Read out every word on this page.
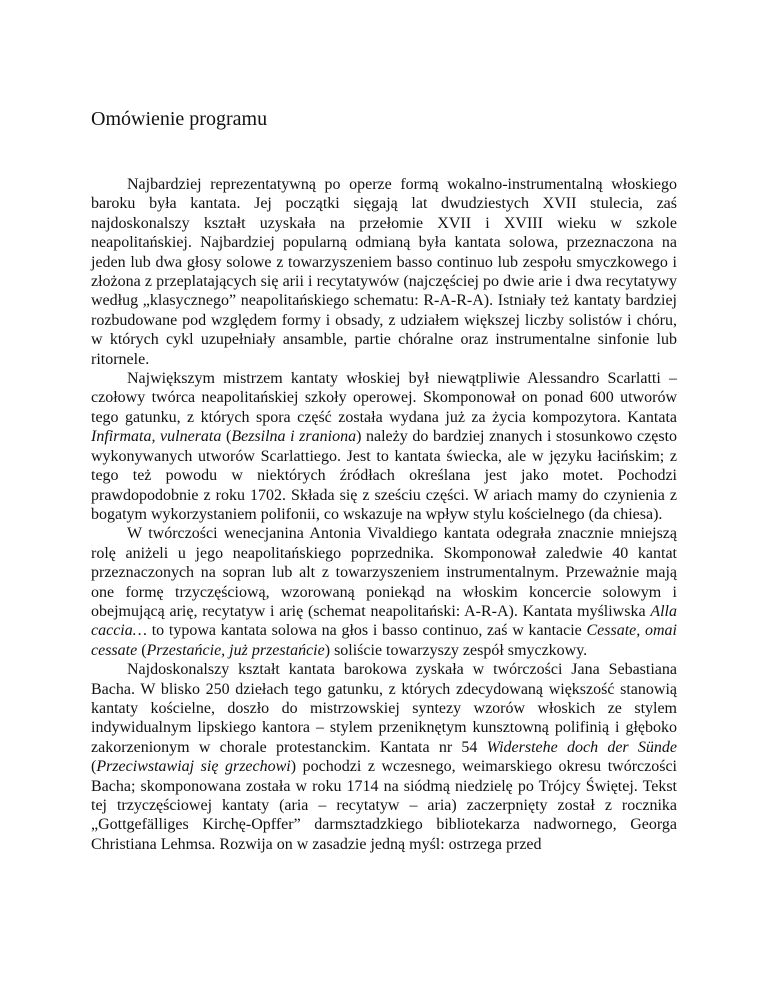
Omówienie programu

Najbardziej reprezentatywną po operze formą wokalno-instrumentalną włoskiego baroku była kantata. Jej początki sięgają lat dwudziestych XVII stulecia, zaś najdoskonalszy kształt uzyskała na przełomie XVII i XVIII wieku w szkole neapolitańskiej. Najbardziej popularną odmianą była kantata solowa, przeznaczona na jeden lub dwa głosy solowe z towarzyszeniem basso continuo lub zespołu smyczkowego i złożona z przeplatających się arii i recytatywów (najczęściej po dwie arie i dwa recytatywy według „klasycznego” neapolitańskiego schematu: R-A-R-A). Istniały też kantaty bardziej rozbudowane pod względem formy i obsady, z udziałem większej liczby solistów i chóru, w których cykl uzupełniały ansamble, partie chóralne oraz instrumentalne sinfonie lub ritornele.

Największym mistrzem kantaty włoskiej był niewątpliwie Alessandro Scarlatti – czołowy twórca neapolitańskiej szkoły operowej. Skomponował on ponad 600 utworów tego gatunku, z których spora część została wydana już za życia kompozytora. Kantata Infirmata, vulnerata (Bezsilna i zraniona) należy do bardziej znanych i stosunkowo często wykonywanych utworów Scarlattiego. Jest to kantata świecka, ale w języku łacińskim; z tego też powodu w niektórych źródłach określana jest jako motet. Pochodzi prawdopodobnie z roku 1702. Składa się z sześciu części. W ariach mamy do czynienia z bogatym wykorzystaniem polifonii, co wskazuje na wpływ stylu kościelnego (da chiesa).

W twórczości wenecjanina Antonia Vivaldiego kantata odegrała znacznie mniejszą rolę aniżeli u jego neapolitańskiego poprzednika. Skomponował zaledwie 40 kantat przeznaczonych na sopran lub alt z towarzyszeniem instrumentalnym. Przeważnie mają one formę trzyczęściową, wzorowaną poniekąd na włoskim koncercie solowym i obejmującą arię, recytatyw i arię (schemat neapolitański: A-R-A). Kantata myśliwska Alla caccia… to typowa kantata solowa na głos i basso continuo, zaś w kantacie Cessate, omai cessate (Przestańcie, już przestańcie) soliście towarzyszy zespół smyczkowy.

Najdoskonalszy kształt kantata barokowa zyskała w twórczości Jana Sebastiana Bacha. W blisko 250 dziełach tego gatunku, z których zdecydowaną większość stanowią kantaty kościelne, doszło do mistrzowskiej syntezy wzorów włoskich ze stylem indywidualnym lipskiego kantora – stylem przeniknętym kunsztowną polifinią i głęboko zakorzenionym w chorale protestanckim. Kantata nr 54 Widerstehe doch der Sünde (Przeciwstawiaj się grzechowi) pochodzi z wczesnego, weimarskiego okresu twórczości Bacha; skomponowana została w roku 1714 na siódmą niedzielę po Trójcy Świętej. Tekst tej trzyczęściowej kantaty (aria – recytatyw – aria) zaczerpnięty został z rocznika „Gottgefälliges Kirchę-Opffer” darmsztadzkiego bibliotekarza nadwornego, Georga Christiana Lehmsa. Rozwija on w zasadzie jedną myśl: ostrzega przed
